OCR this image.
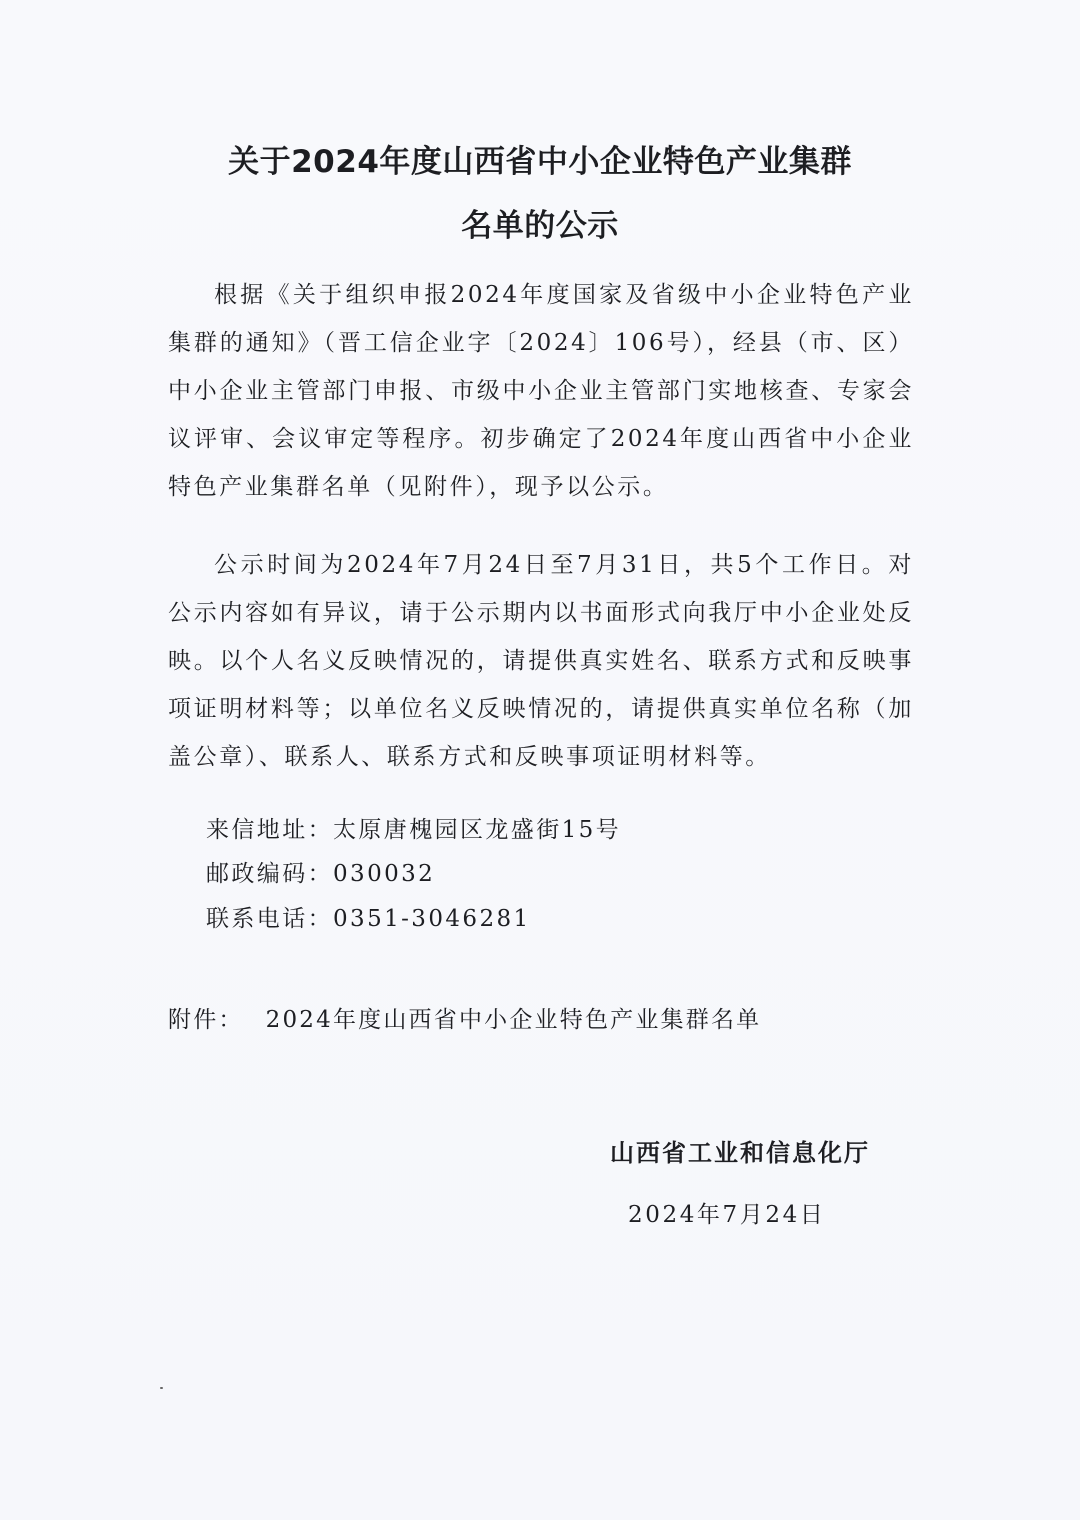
关于2024年度山西省中小企业特色产业集群
名单的公示

根据《关于组织申报2024年度国家及省级中小企业特色产业集群的通知》（晋工信企业字〔2024〕106号），经县（市、区）中小企业主管部门申报、市级中小企业主管部门实地核查、专家会议评审、会议审定等程序。初步确定了2024年度山西省中小企业特色产业集群名单（见附件），现予以公示。

公示时间为2024年7月24日至7月31日，共5个工作日。对公示内容如有异议，请于公示期内以书面形式向我厅中小企业处反映。以个人名义反映情况的，请提供真实姓名、联系方式和反映事项证明材料等；以单位名义反映情况的，请提供真实单位名称（加盖公章）、联系人、联系方式和反映事项证明材料等。

来信地址：太原唐槐园区龙盛街15号
邮政编码：030032
联系电话：0351-3046281
附件： 2024年度山西省中小企业特色产业集群名单
山西省工业和信息化厅
2024年7月24日
